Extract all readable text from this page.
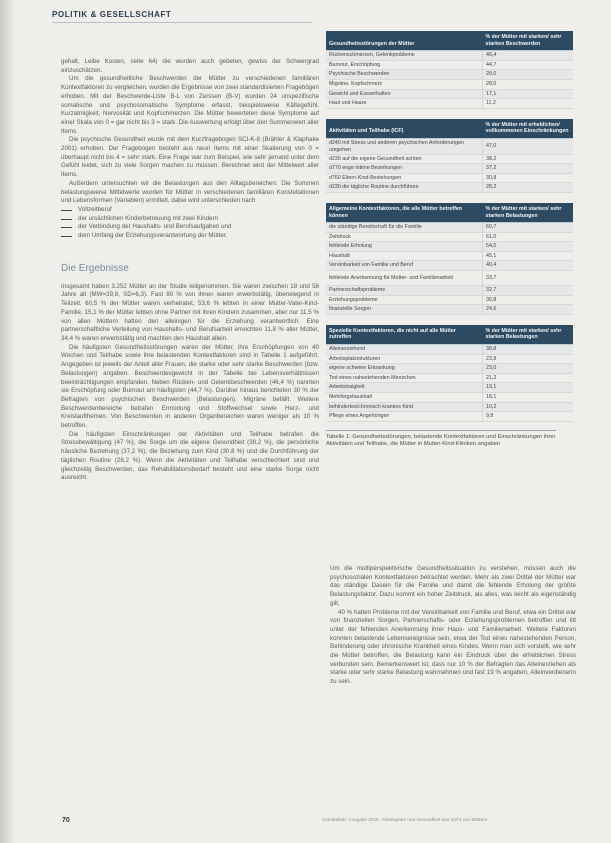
POLITIK & GESELLSCHAFT

gehalt, Leibe Kosten, seite 64) die wurden auch gebeten, gewiss der Schwergrad einzuschätzen.

Um die gesundheitliche Beschwerden der Mütter zu verschiedenen familiären Kontextfaktoren zu vergleichen, wurden die Ergebnisse von zwei standardisierten Fragebögen erhoben. Mit der Beschwerde-Liste B-L von Zerssen (B-V) wurden 24 unspezifische somatische und psychosomatische Symptome erfasst, beispielsweise Kältegefühl, Kurzatmigkeit, Nervosität und Kopfschmerzen. Die Mütter bewerteten diese Symptome auf einer Skala von 0 = gar nicht bis 3 = stark. Die Auswertung erfolgt über den Summenwert aller Items.

Die psychische Gesundheit wurde mit dem Kurzfragebogen SCI-K-8 (Brähler & Klaphake 2001) erhoben. Der Fragebogen besteht aus neun Items mit einer Skalierung von 0 = überhaupt nicht bis 4 = sehr stark. Eine Frage war zum Beispiel, wie sehr jemand unter dem Gefühl leidet, sich zu viele Sorgen machen zu müssen. Berechnet wird der Mittelwert aller Items.

Außerdem untersuchten wir die Belastungen aus den Alltagsbereichen: Die Summen belastungsweise Mittelwerte wurden für Mütter in verschiedenen familiären Konstellationen und Lebensformen (Variablen) ermittelt, dabei wird unterschieden nach

Vollzeitberuf
der ursächlichen Kinderbetreuung mit zwei Kindern
der Verbindung der Haushalts- und Berufsaufgaben und
dem Umfang der Erziehungsverantwortung der Mütter.
Die Ergebnisse

Insgesamt haben 3.252 Mütter an der Studie teilgenommen. Sie waren zwischen 18 und 58 Jahre alt (MW=39,8, SD=6,3). Fast 80 % von ihnen waren erwerbstätig, überwiegend in Teilzeit. 60,5 % der Mütter waren verheiratet, 53,6 % lebten in einer Mutter-Vater-Kind-Familie, 15,1 % der Mütter lebten ohne Partner mit ihren Kindern zusammen, aber nur 11,5 % von allen Müttern hatten den alleinigen für die Erziehung verantwortlich. Eine partnerschaftliche Verteilung von Haushalts- und Berufsarbeit erreichten 11,8 % aller Mütter, 34,4 % waren erwerbstätig und machten den Haushalt allein.

Die häufigsten Gesundheitsstörungen waren der Mütter, ihre Erschöpfungen von 40 Wochen und Teilhabe sowie ihre belastenden Kontextfaktoren sind in Tabelle 1 aufgeführt. Angegeben ist jeweils der Anteil aller Frauen, die starke oder sehr starke Beschwerden (bzw. Belastungen) angaben. Beschwerdesgewicht in der Tabelle bei Lebensverhältnissen beeinträchtigungen empfanden. Neben Rücken- und Gelenkbeschwerden (46,4 %) nannten sie Erschöpfung oder Burnout am häufigsten (44,7 %). Darüber hinaus berichteten 30 % der Befragten von psychischen Beschwerden (Belastungen). Migräne befällt. Weitere Beschwerdenbereiche betrafen Ermüdung und Stoffwechsel sowie Herz- und Kreislaufthemen. Von Beschwerden in anderen Organbereichen waren weniger als 10 % betroffen.

Die häufigsten Einschränkungen der Aktivitäten und Teilhabe betrafen die Stressbewältigung (47 %), die Sorge um die eigene Gesundheit (38,2 %), die persönliche häusliche Beziehung (37,2 %), die Beziehung zum Kind (30,8 %) und die Durchführung der täglichen Routine (28,2 %). Wenn die Aktivitäten und Teilhabe verschlechtert sind und gleichzeitig Beschwerden, das Rehabilitationsbedarf besteht und eine starke Sorge nicht ausreicht.

Gesundheitsstörungen der Mütter	% der Mütter mit starken/ sehr starken Beschwerden
Rückenschmerzen, Gelenkprobleme	46,4
Burnout, Erschöpfung	44,7
Psychische Beschwerden	28,0
Migräne, Kopfschmerz	28,0
Gewicht und Essverhalten	17,1
Haut und Haare	11,2
Aktivitäten und Teilhabe (ICF)	% der Mütter mit erheblichen/ vollkommenen Einschränkungen
d240 mit Stress und anderen psychischen Anforderungen umgehen	47,0
d230 auf die eigene Gesundheit achten	38,2
d770 enge intime Beziehungen	37,2
d760 Eltern-Kind-Beziehungen	30,8
d230 die tägliche Routine durchführen	28,2
Allgemeine Kontextfaktoren, die alle Mütter betreffen können	% der Mütter mit starken/ sehr starken Belastungen
die ständige Bereitschaft für die Familie	60,7
Zeitdruck	61,0
fehlende Erholung	54,0
Haushalt	45,1
Vereinbarkeit von Familie und Beruf	40,4
fehlende Anerkennung für Mutter- und Familienarbeit	33,7
Partnerschaftsprobleme	32,7
Erziehungsprobleme	30,8
finanzielle Sorgen	24,6
Spezielle Kontextfaktoren, die nicht auf alle Mütter zutreffen	% der Mütter mit starken/ sehr starken Belastungen
Alleinerziehend	38,8
Arbeitsplatzstrukturen	23,8
eigene schwere Erkrankung	23,0
Tod eines nahestehenden Menschen	21,2
Arbeitslosigkeit	19,1
Mehrlingshaushalt	18,1
behindertes/chronisch krankes Kind	10,2
Pflege eines Angehörigen	9,8
Tabelle 1: Gesundheitsstörungen, belastende Kontextfaktoren und Einschränkungen ihrer Aktivitäten und Teilhabe, die Mütter in Mutter-Kind-Kliniken angaben

Um die multiperspektivische Gesundheitssituation zu verstehen, müssen auch die psychosozialen Kontextfaktoren betrachtet werden. Mehr als zwei Drittel der Mütter war das ständige Dasein für die Familie und damit die fehlende Erholung der größte Belastungsfaktor. Dazu kommt ein hoher Zeitdruck, als alles, was leicht als eigenständig gilt.

40 % hatten Probleme mit der Vereinbarkeit von Familie und Beruf, etwa ein Drittel war von finanziellen Sorgen, Partnerschafts- oder Erziehungsproblemen betroffen und litt unter der fehlenden Anerkennung ihrer Haus- und Familienarbeit. Weitere Faktoren konnten belastende Lebensereignisse sein, etwa der Tod eines nahestehenden Person, Behinderung oder chronische Krankheit eines Kindes. Wenn man sich vorstellt, wie sehr die Mütter betroffen, die Belastung kann ein Eindruck über die erheblichen Stress verbunden sein. Bemerkenswert ist, dass nur 10 % der Befragten das Alleinerziehen als starke oder sehr starke Belastung wahrnahmen und fast 19 % angaben, Alleinverdienerin zu sein.

70	Unmittelbar: Ausgabe 2015: Arbeitsplatz und Gesundheit aus Sicht von Müttern
